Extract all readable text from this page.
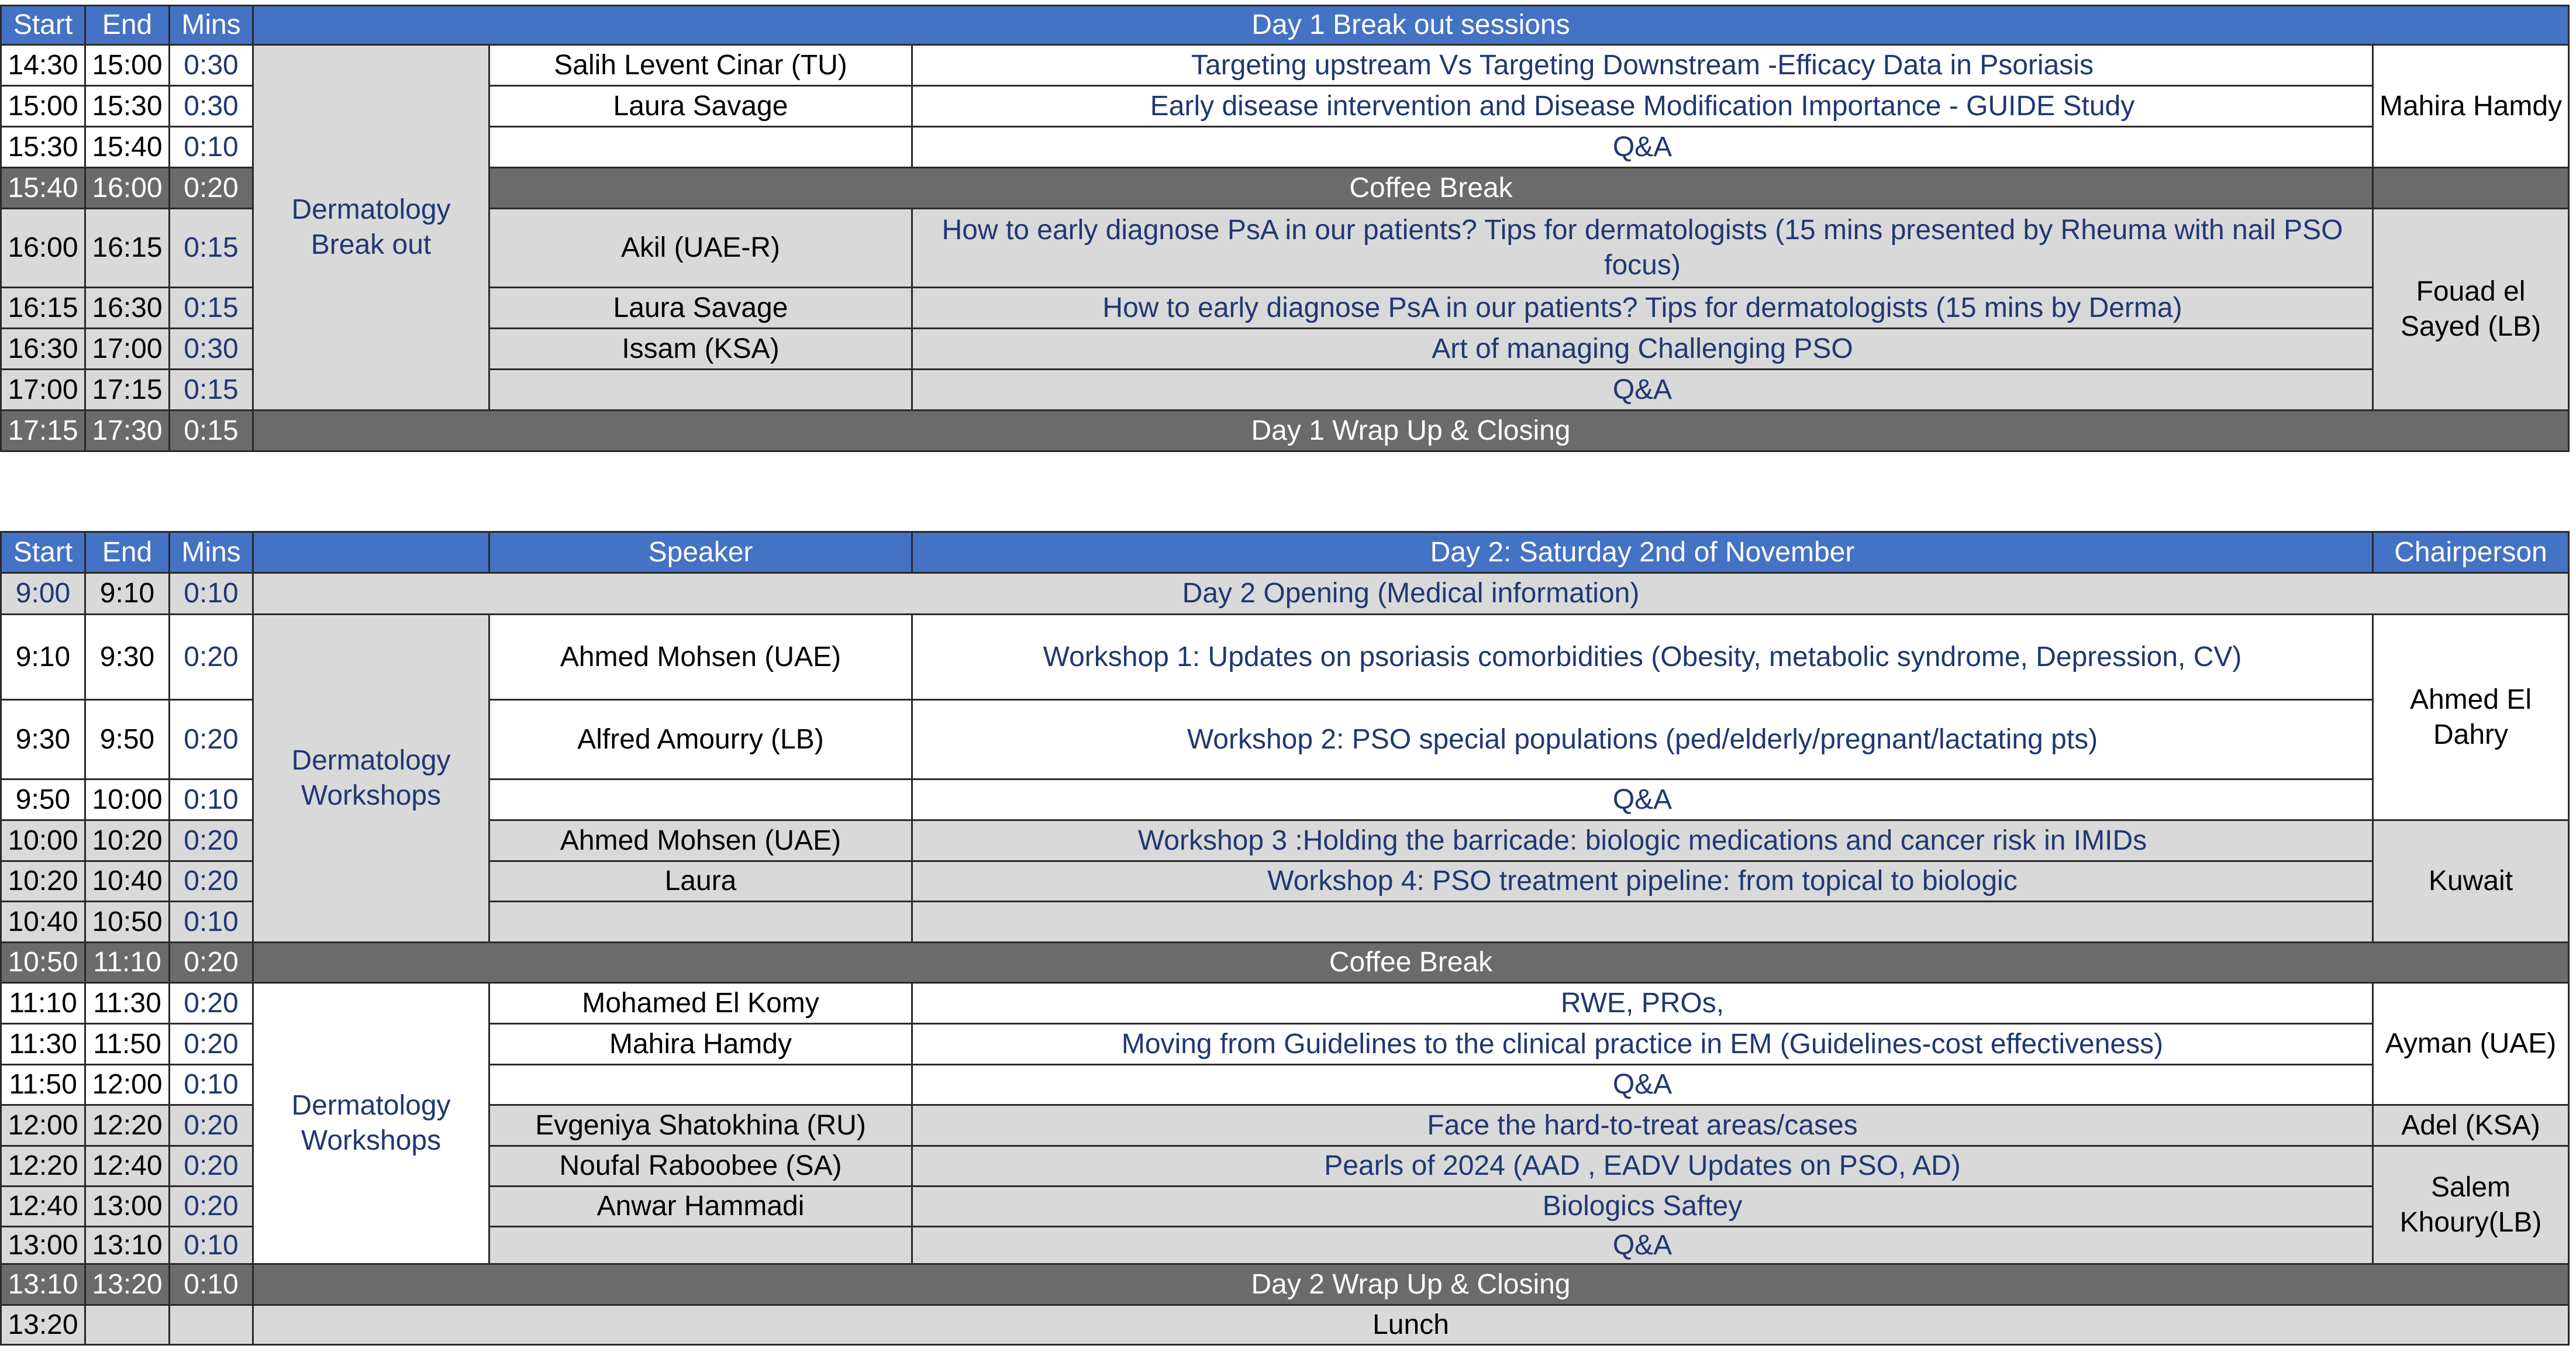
Start	End	Mins	Day 1 Break out sessions			
14:30	15:00	0:30	Dermatology Break out	Salih Levent Cinar (TU)	Targeting upstream Vs Targeting Downstream -Efficacy Data in Psoriasis	Mahira Hamdy
15:00	15:30	0:30		Laura Savage	Early disease intervention and Disease Modification Importance - GUIDE Study	
15:30	15:40	0:10			Q&A	
15:40	16:00	0:20		Coffee Break		
16:00	16:15	0:15		Akil (UAE-R)	How to early diagnose PsA in our patients? Tips for dermatologists (15 mins presented by Rheuma with nail PSO focus)	Fouad el Sayed (LB)
16:15	16:30	0:15		Laura Savage	How to early diagnose PsA in our patients? Tips for dermatologists (15 mins by Derma)	
16:30	17:00	0:30		Issam (KSA)	Art of managing Challenging PSO	
17:00	17:15	0:15			Q&A	
17:15	17:30	0:15	Day 1 Wrap Up & Closing			
Start	End	Mins		Speaker	Day 2: Saturday 2nd of November	Chairperson
9:00	9:10	0:10	Day 2 Opening (Medical information)			
9:10	9:30	0:20	Dermatology Workshops	Ahmed Mohsen (UAE)	Workshop 1: Updates on psoriasis comorbidities (Obesity, metabolic syndrome, Depression, CV)	Ahmed El Dahry
9:30	9:50	0:20		Alfred Amourry (LB)	Workshop 2: PSO special populations (ped/elderly/pregnant/lactating pts)	
9:50	10:00	0:10			Q&A	
10:00	10:20	0:20		Ahmed Mohsen (UAE)	Workshop 3 :Holding the barricade: biologic medications and cancer risk in IMIDs	Kuwait
10:20	10:40	0:20		Laura	Workshop 4: PSO treatment pipeline: from topical to biologic	
10:40	10:50	0:10				
10:50	11:10	0:20	Coffee Break			
11:10	11:30	0:20	Dermatology Workshops	Mohamed El Komy	RWE, PROs,	Ayman (UAE)
11:30	11:50	0:20		Mahira Hamdy	Moving from Guidelines to the clinical practice in EM (Guidelines-cost effectiveness)	
11:50	12:00	0:10			Q&A	
12:00	12:20	0:20		Evgeniya Shatokhina (RU)	Face the hard-to-treat areas/cases	Adel (KSA)
12:20	12:40	0:20		Noufal Raboobee (SA)	Pearls of 2024 (AAD , EADV Updates on PSO, AD)	Salem Khoury(LB)
12:40	13:00	0:20		Anwar Hammadi	Biologics Saftey	
13:00	13:10	0:10			Q&A	
13:10	13:20	0:10	Day 2 Wrap Up & Closing			
13:20			Lunch			
